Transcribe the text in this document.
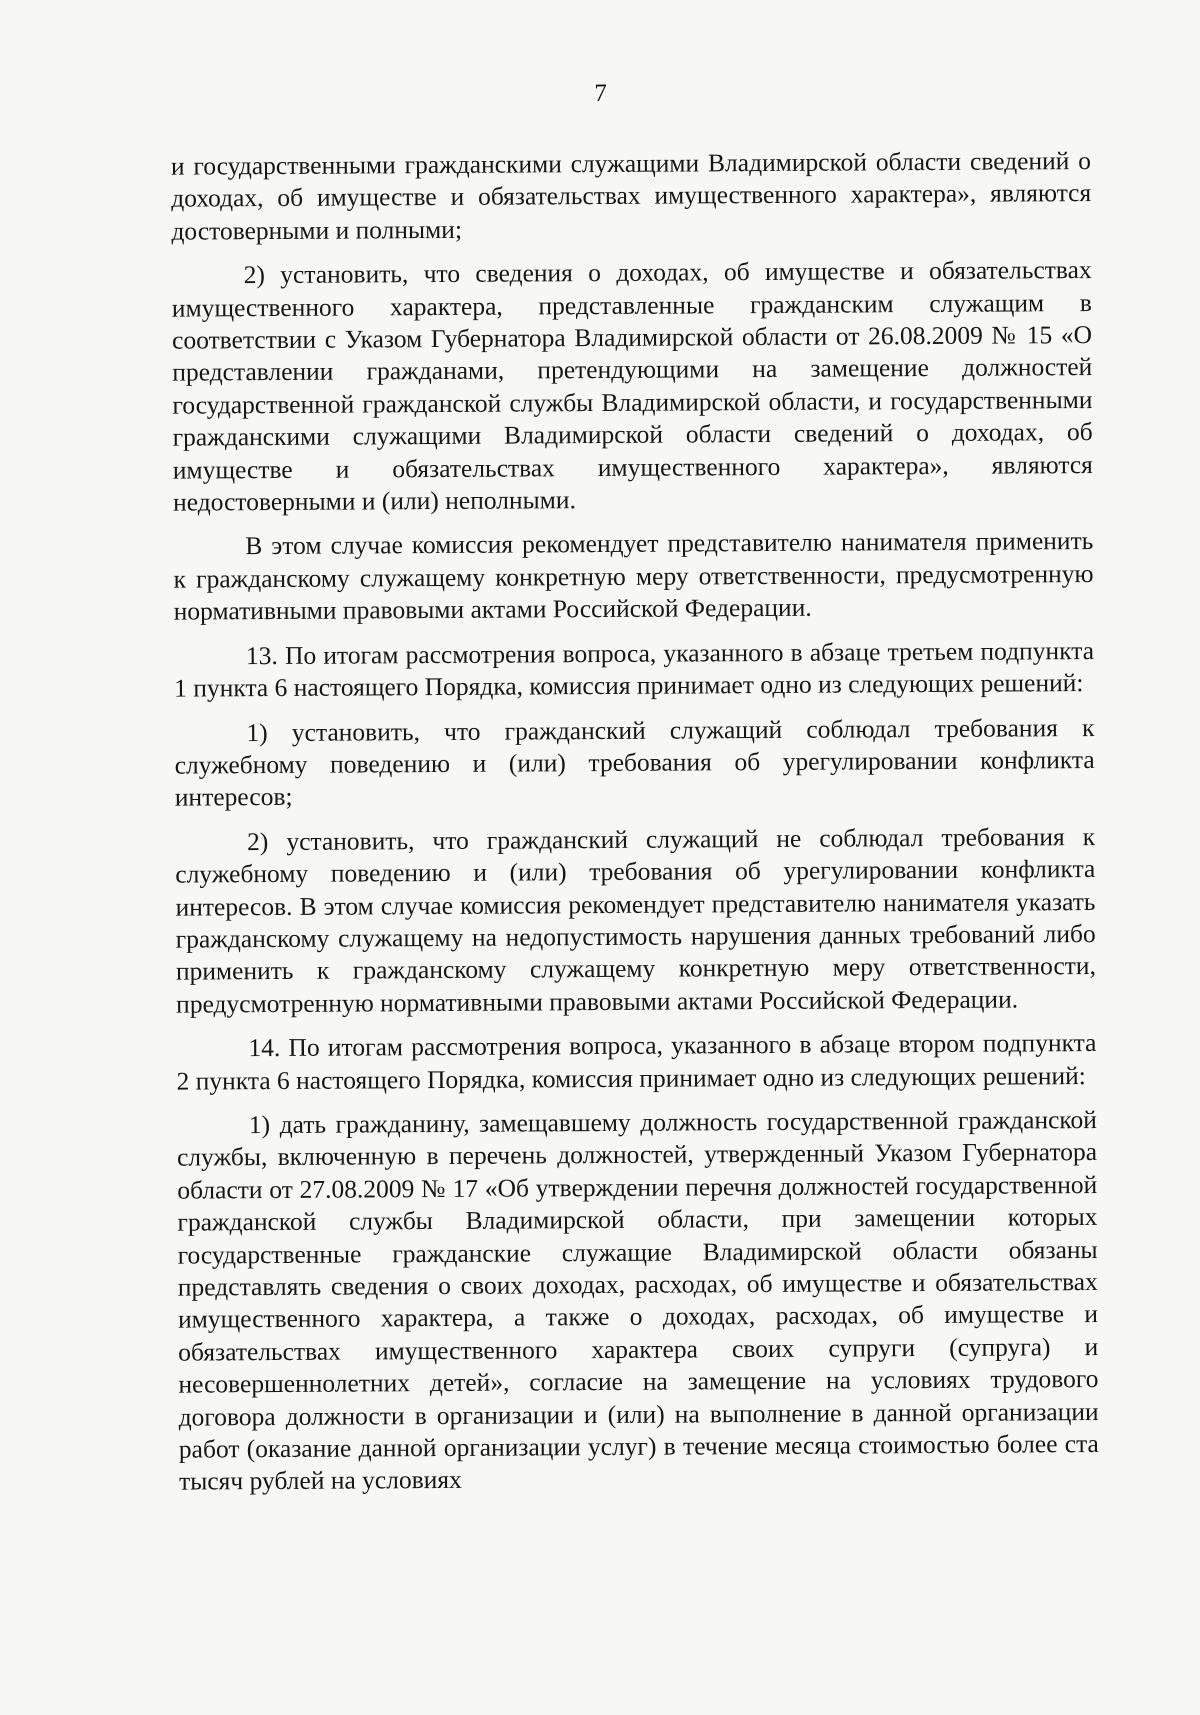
7

и государственными гражданскими служащими Владимирской области сведений о доходах, об имуществе и обязательствах имущественного характера», являются достоверными и полными;

2) установить, что сведения о доходах, об имуществе и обязательствах имущественного характера, представленные гражданским служащим в соответствии с Указом Губернатора Владимирской области от 26.08.2009 № 15 «О представлении гражданами, претендующими на замещение должностей государственной гражданской службы Владимирской области, и государственными гражданскими служащими Владимирской области сведений о доходах, об имуществе и обязательствах имущественного характера», являются недостоверными и (или) неполными.

В этом случае комиссия рекомендует представителю нанимателя применить к гражданскому служащему конкретную меру ответственности, предусмотренную нормативными правовыми актами Российской Федерации.

13. По итогам рассмотрения вопроса, указанного в абзаце третьем подпункта 1 пункта 6 настоящего Порядка, комиссия принимает одно из следующих решений:

1) установить, что гражданский служащий соблюдал требования к служебному поведению и (или) требования об урегулировании конфликта интересов;

2) установить, что гражданский служащий не соблюдал требования к служебному поведению и (или) требования об урегулировании конфликта интересов. В этом случае комиссия рекомендует представителю нанимателя указать гражданскому служащему на недопустимость нарушения данных требований либо применить к гражданскому служащему конкретную меру ответственности, предусмотренную нормативными правовыми актами Российской Федерации.

14. По итогам рассмотрения вопроса, указанного в абзаце втором подпункта 2 пункта 6 настоящего Порядка, комиссия принимает одно из следующих решений:

1) дать гражданину, замещавшему должность государственной гражданской службы, включенную в перечень должностей, утвержденный Указом Губернатора области от 27.08.2009 № 17 «Об утверждении перечня должностей государственной гражданской службы Владимирской области, при замещении которых государственные гражданские служащие Владимирской области обязаны представлять сведения о своих доходах, расходах, об имуществе и обязательствах имущественного характера, а также о доходах, расходах, об имуществе и обязательствах имущественного характера своих супруги (супруга) и несовершеннолетних детей», согласие на замещение на условиях трудового договора должности в организации и (или) на выполнение в данной организации работ (оказание данной организации услуг) в течение месяца стоимостью более ста тысяч рублей на условиях
